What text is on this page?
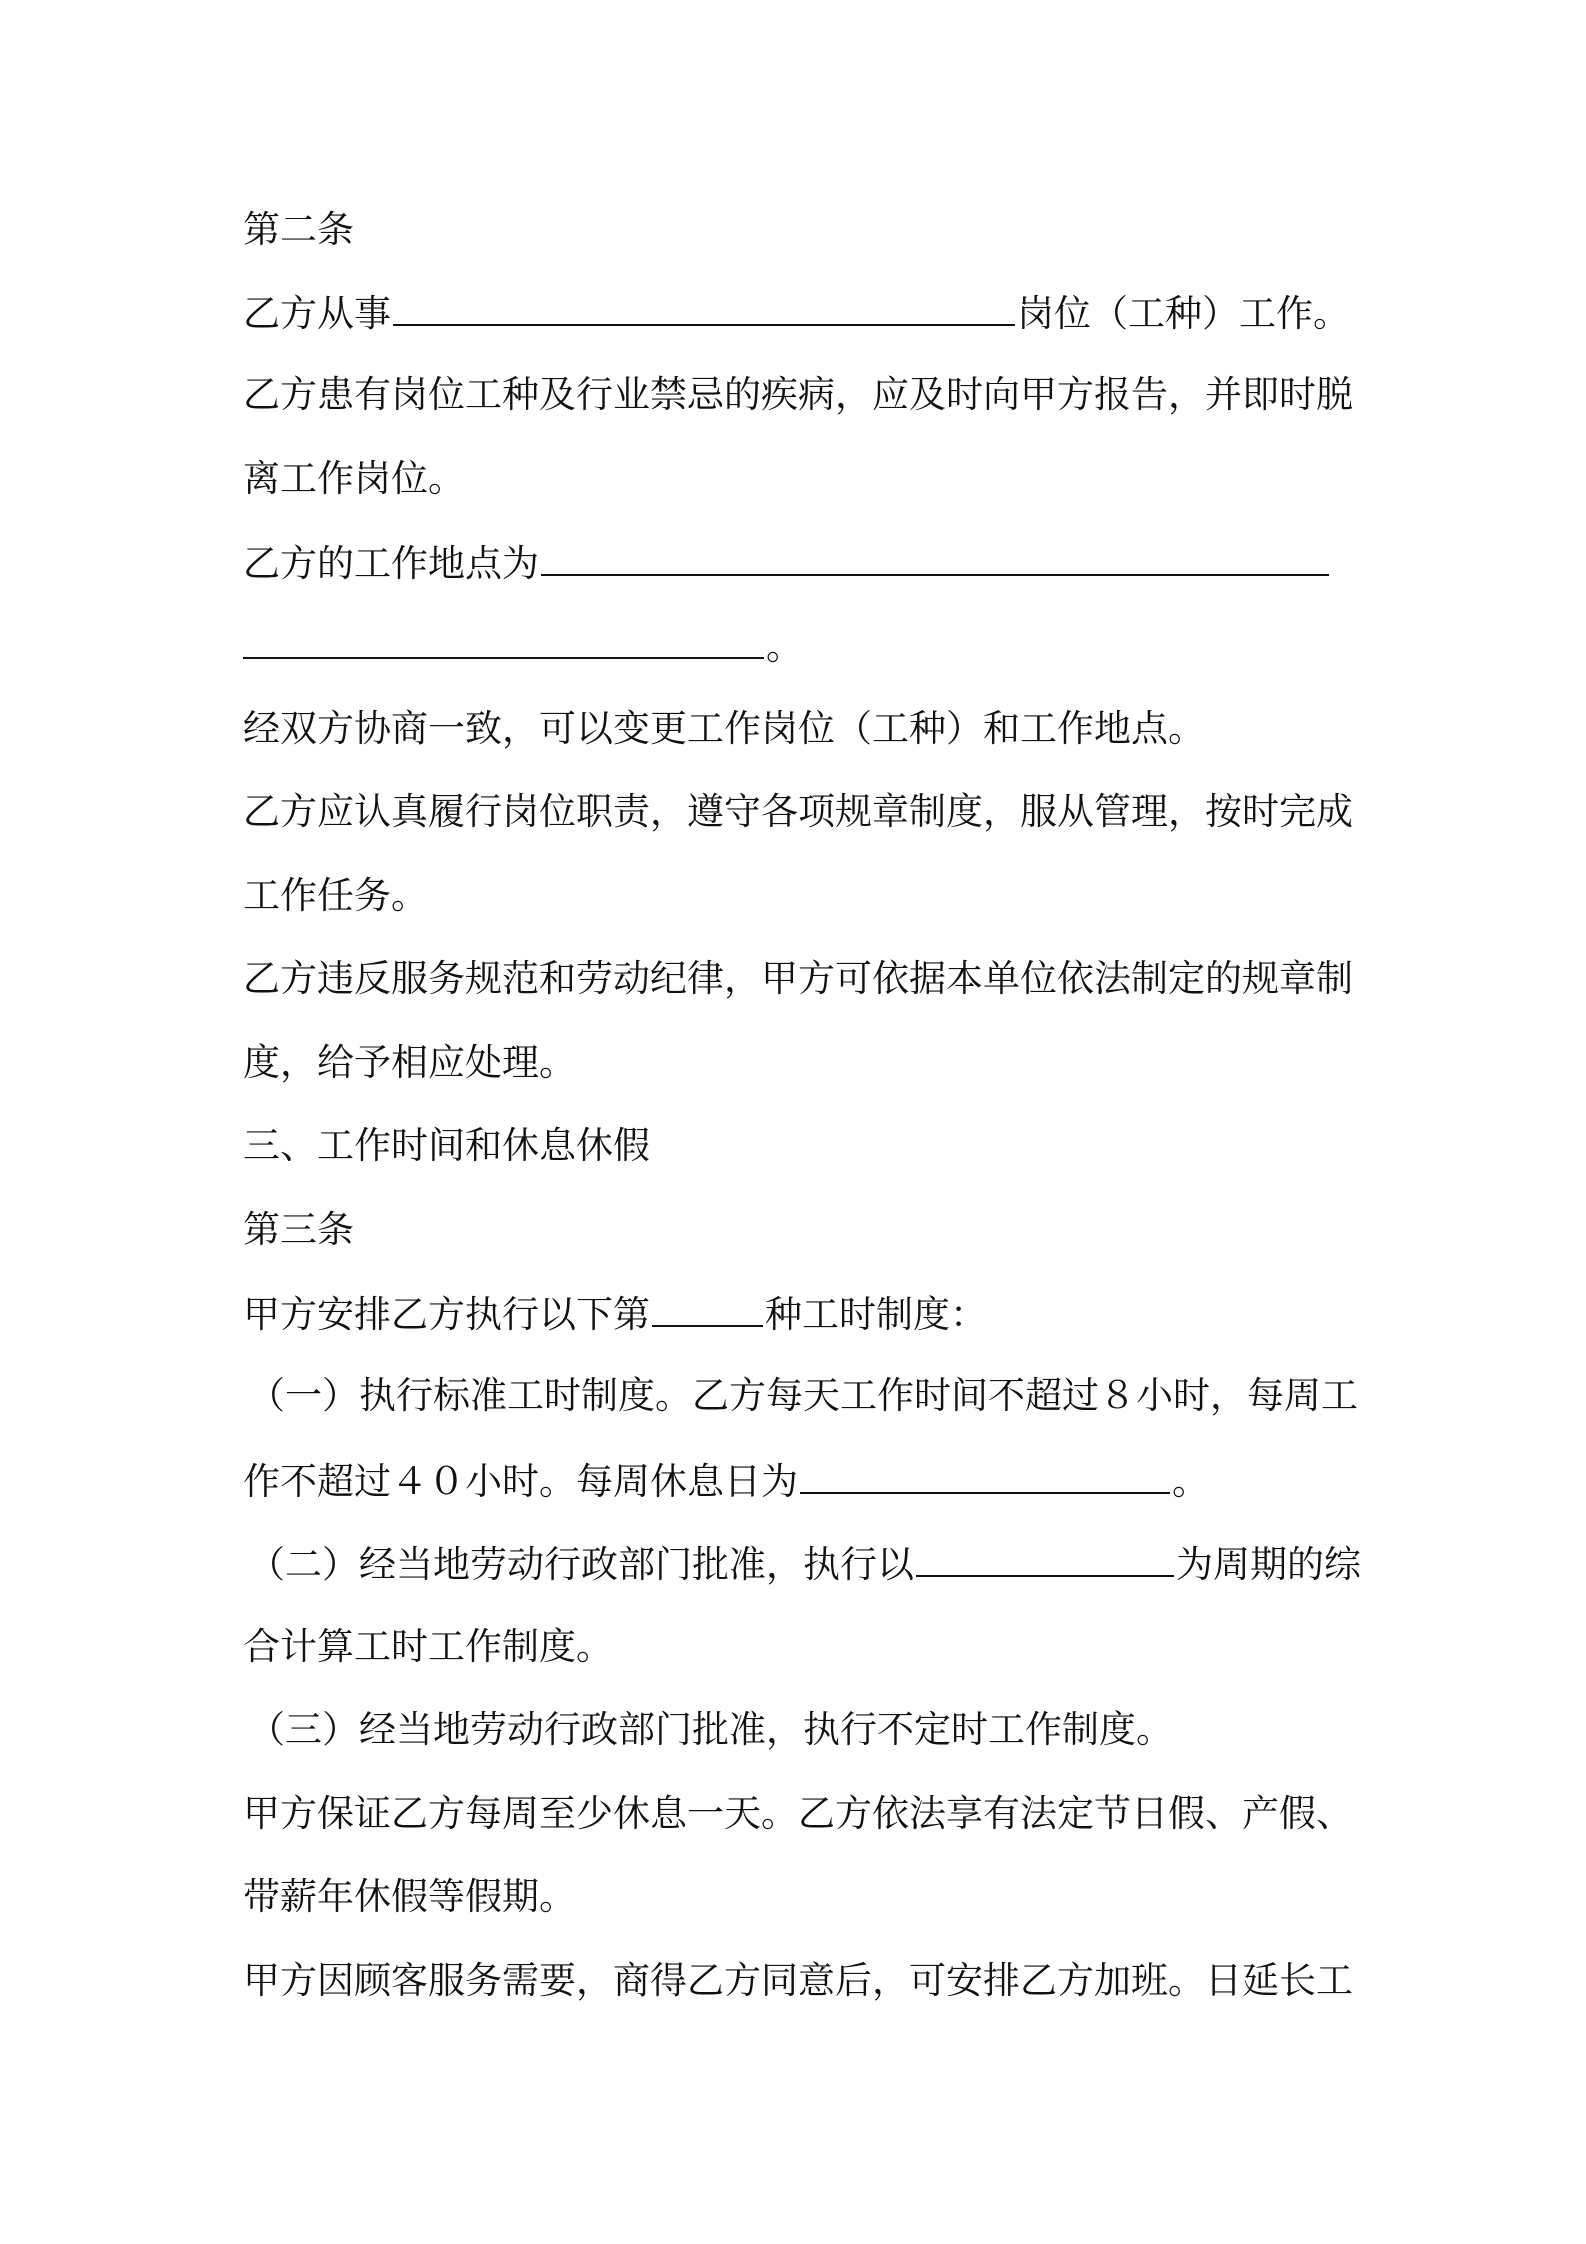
第二条
乙方从事	岗位（工种）工作。
乙方患有岗位工种及行业禁忌的疾病，应及时向甲方报告，并即时脱
离工作岗位。
乙方的工作地点为
。
经双方协商一致，可以变更工作岗位（工种）和工作地点。
乙方应认真履行岗位职责，遵守各项规章制度，服从管理，按时完成
工作任务。
乙方违反服务规范和劳动纪律，甲方可依据本单位依法制定的规章制
度，给予相应处理。
三、工作时间和休息休假
第三条
甲方安排乙方执行以下第	种工时制度：
（一）执行标准工时制度。乙方每天工作时间不超过８小时，每周工
作不超过４０小时。每周休息日为	。
（二）经当地劳动行政部门批准，执行以	为周期的综
合计算工时工作制度。
（三）经当地劳动行政部门批准，执行不定时工作制度。
甲方保证乙方每周至少休息一天。乙方依法享有法定节日假、产假、
带薪年休假等假期。
甲方因顾客服务需要，商得乙方同意后，可安排乙方加班。日延长工
